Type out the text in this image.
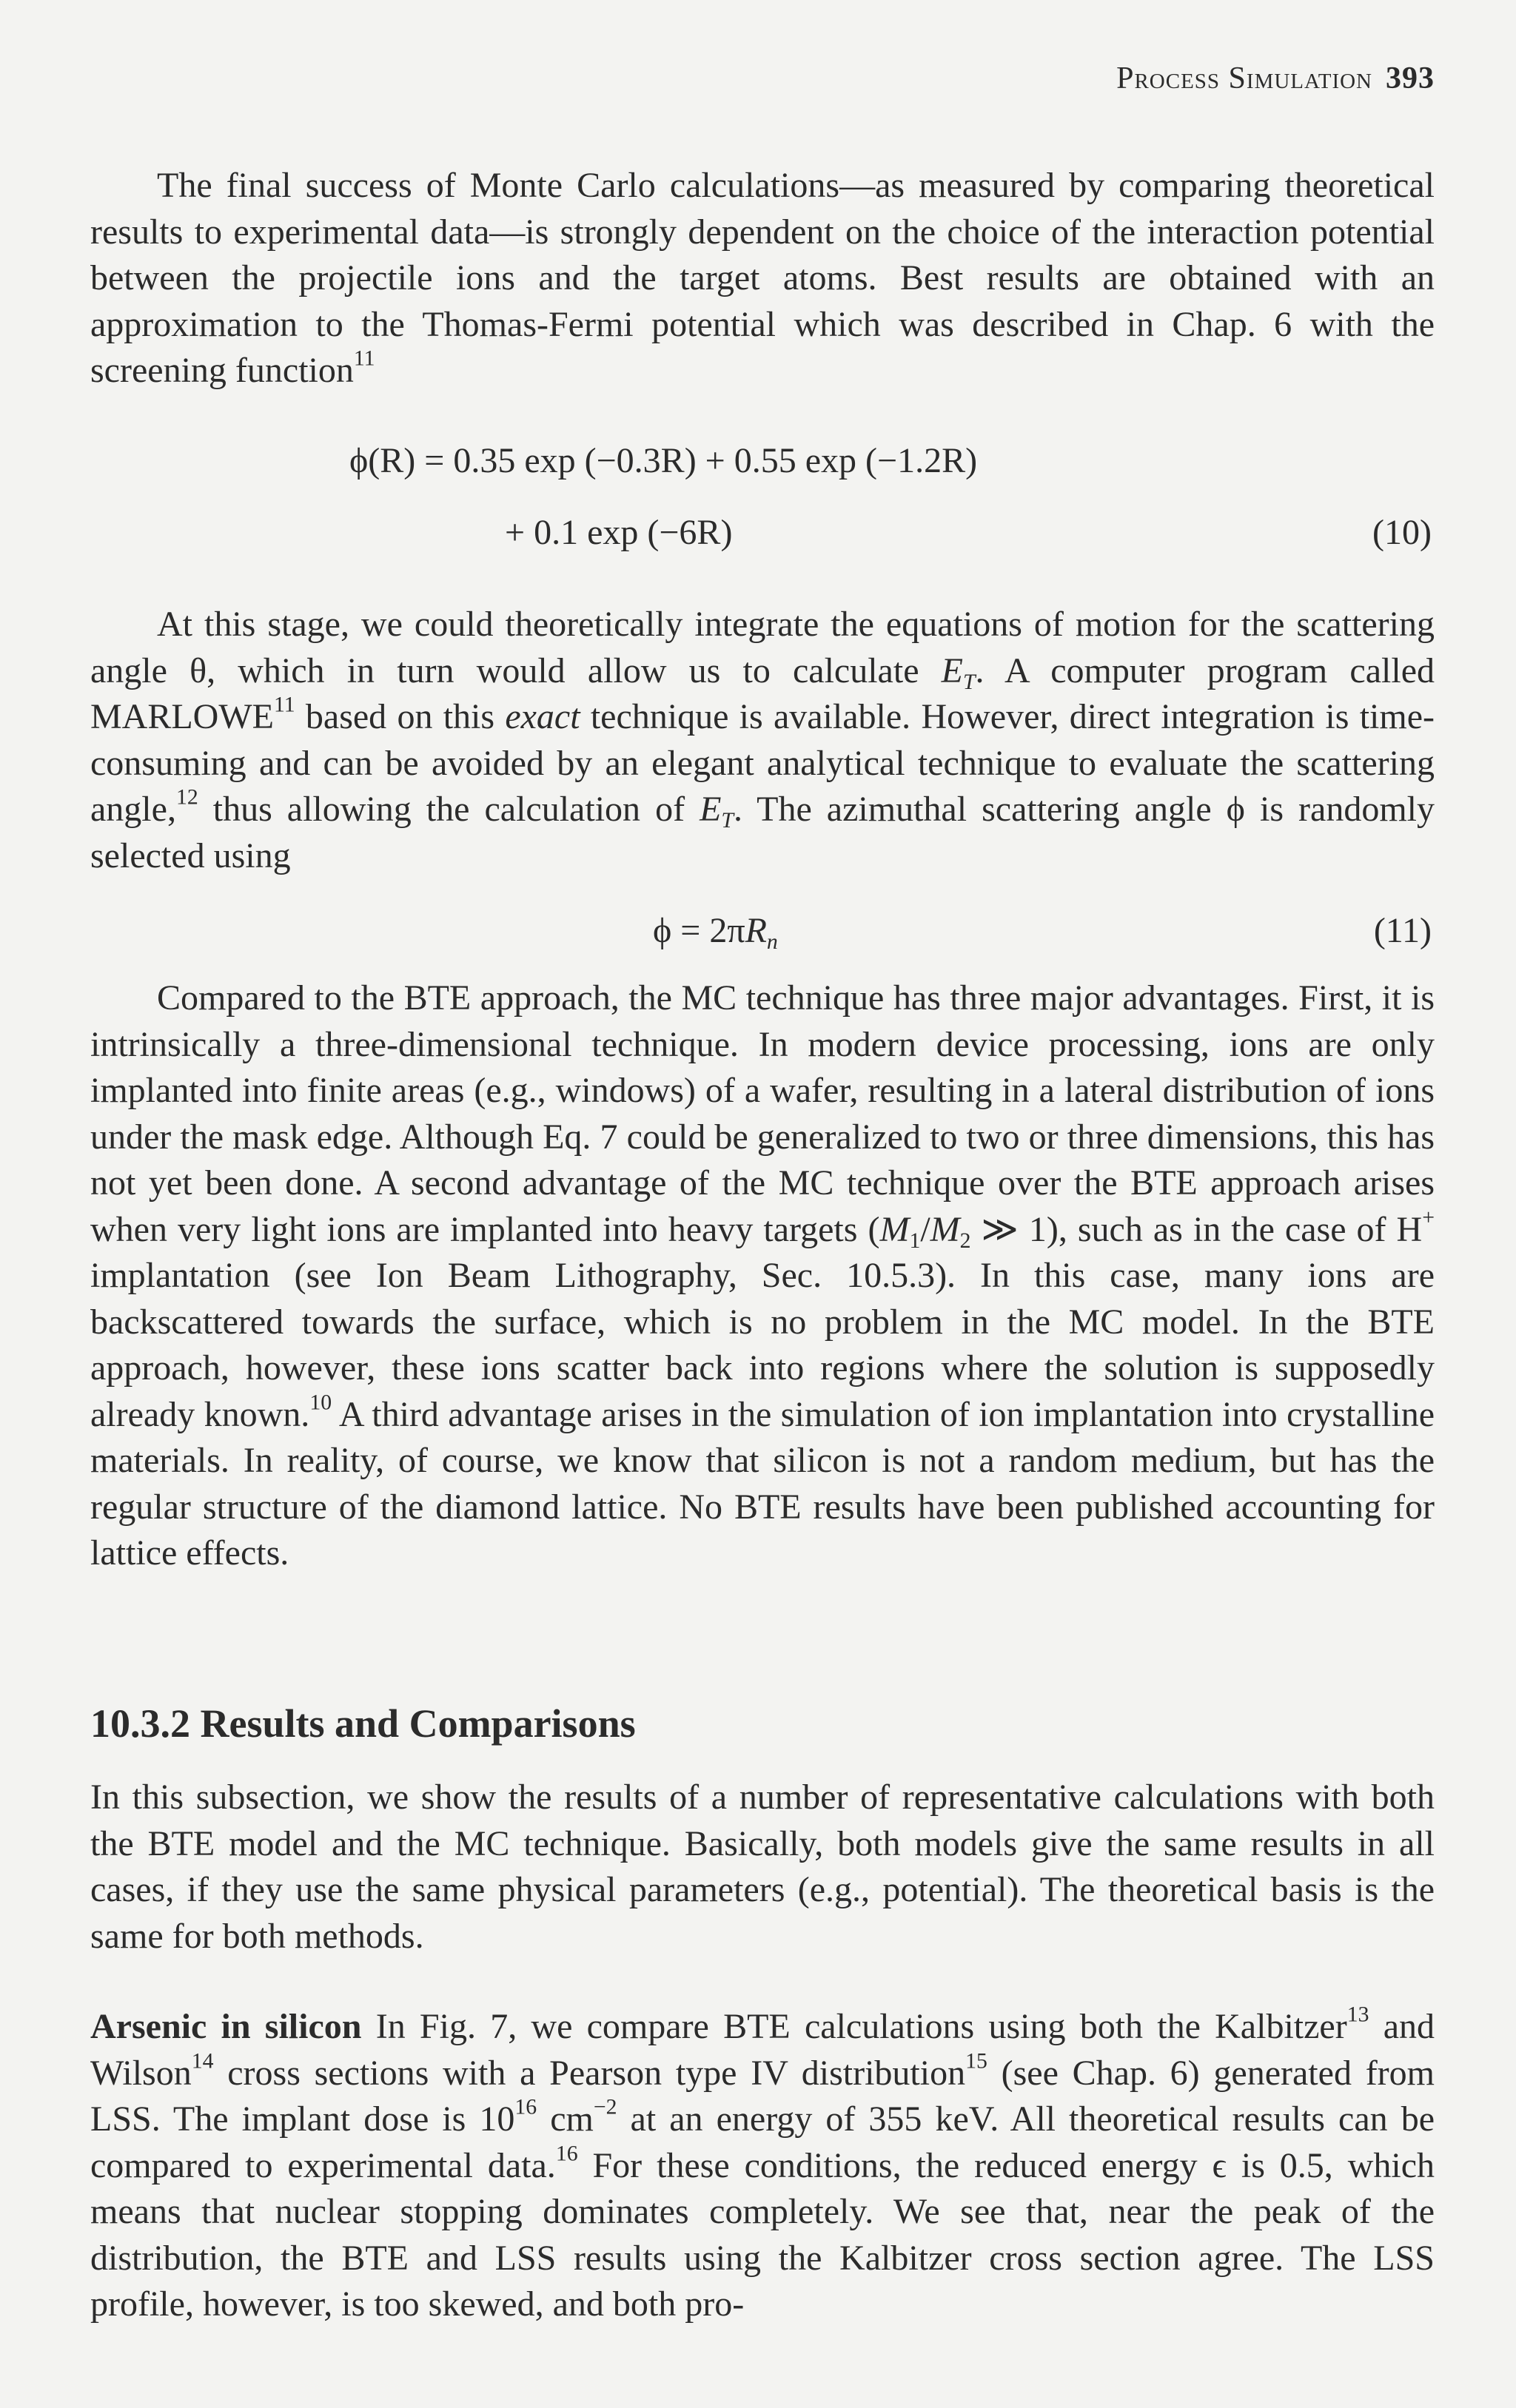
Process Simulation 393

The final success of Monte Carlo calculations—as measured by comparing theoretical results to experimental data—is strongly dependent on the choice of the interaction potential between the projectile ions and the target atoms. Best results are obtained with an approximation to the Thomas-Fermi potential which was described in Chap. 6 with the screening function$^{11}$

ϕ(R) = 0.35 exp (−0.3R) + 0.55 exp (−1.2R)
+ 0.1 exp (−6R)	(10)

At this stage, we could theoretically integrate the equations of motion for the scattering angle θ, which in turn would allow us to calculate $E_T$. A computer program called MARLOWE$^{11}$ based on this exact technique is available. However, direct integration is time-consuming and can be avoided by an elegant analytical technique to evaluate the scattering angle,$^{12}$ thus allowing the calculation of $E_T$. The azimuthal scattering angle ϕ is randomly selected using

$\phi = 2\pi R_n$	(11)

Compared to the BTE approach, the MC technique has three major advantages. First, it is intrinsically a three-dimensional technique. In modern device processing, ions are only implanted into finite areas (e.g., windows) of a wafer, resulting in a lateral distribution of ions under the mask edge. Although Eq. 7 could be generalized to two or three dimensions, this has not yet been done. A second advantage of the MC technique over the BTE approach arises when very light ions are implanted into heavy targets ($M_1/M_2$ ≫ 1), such as in the case of H+ implantation (see Ion Beam Lithography, Sec. 10.5.3). In this case, many ions are backscattered towards the surface, which is no problem in the MC model. In the BTE approach, however, these ions scatter back into regions where the solution is supposedly already known.$^{10}$ A third advantage arises in the simulation of ion implantation into crystalline materials. In reality, of course, we know that silicon is not a random medium, but has the regular structure of the diamond lattice. No BTE results have been published accounting for lattice effects.

10.3.2 Results and Comparisons

In this subsection, we show the results of a number of representative calculations with both the BTE model and the MC technique. Basically, both models give the same results in all cases, if they use the same physical parameters (e.g., potential). The theoretical basis is the same for both methods.

Arsenic in silicon In Fig. 7, we compare BTE calculations using both the Kalbitzer$^{13}$ and Wilson$^{14}$ cross sections with a Pearson type IV distribution$^{15}$ (see Chap. 6) generated from LSS. The implant dose is $10^{16}$ $cm^{-2}$ at an energy of 355 keV. All theoretical results can be compared to experimental data.$^{16}$ For these conditions, the reduced energy ϵ is 0.5, which means that nuclear stopping dominates completely. We see that, near the peak of the distribution, the BTE and LSS results using the Kalbitzer cross section agree. The LSS profile, however, is too skewed, and both pro-
